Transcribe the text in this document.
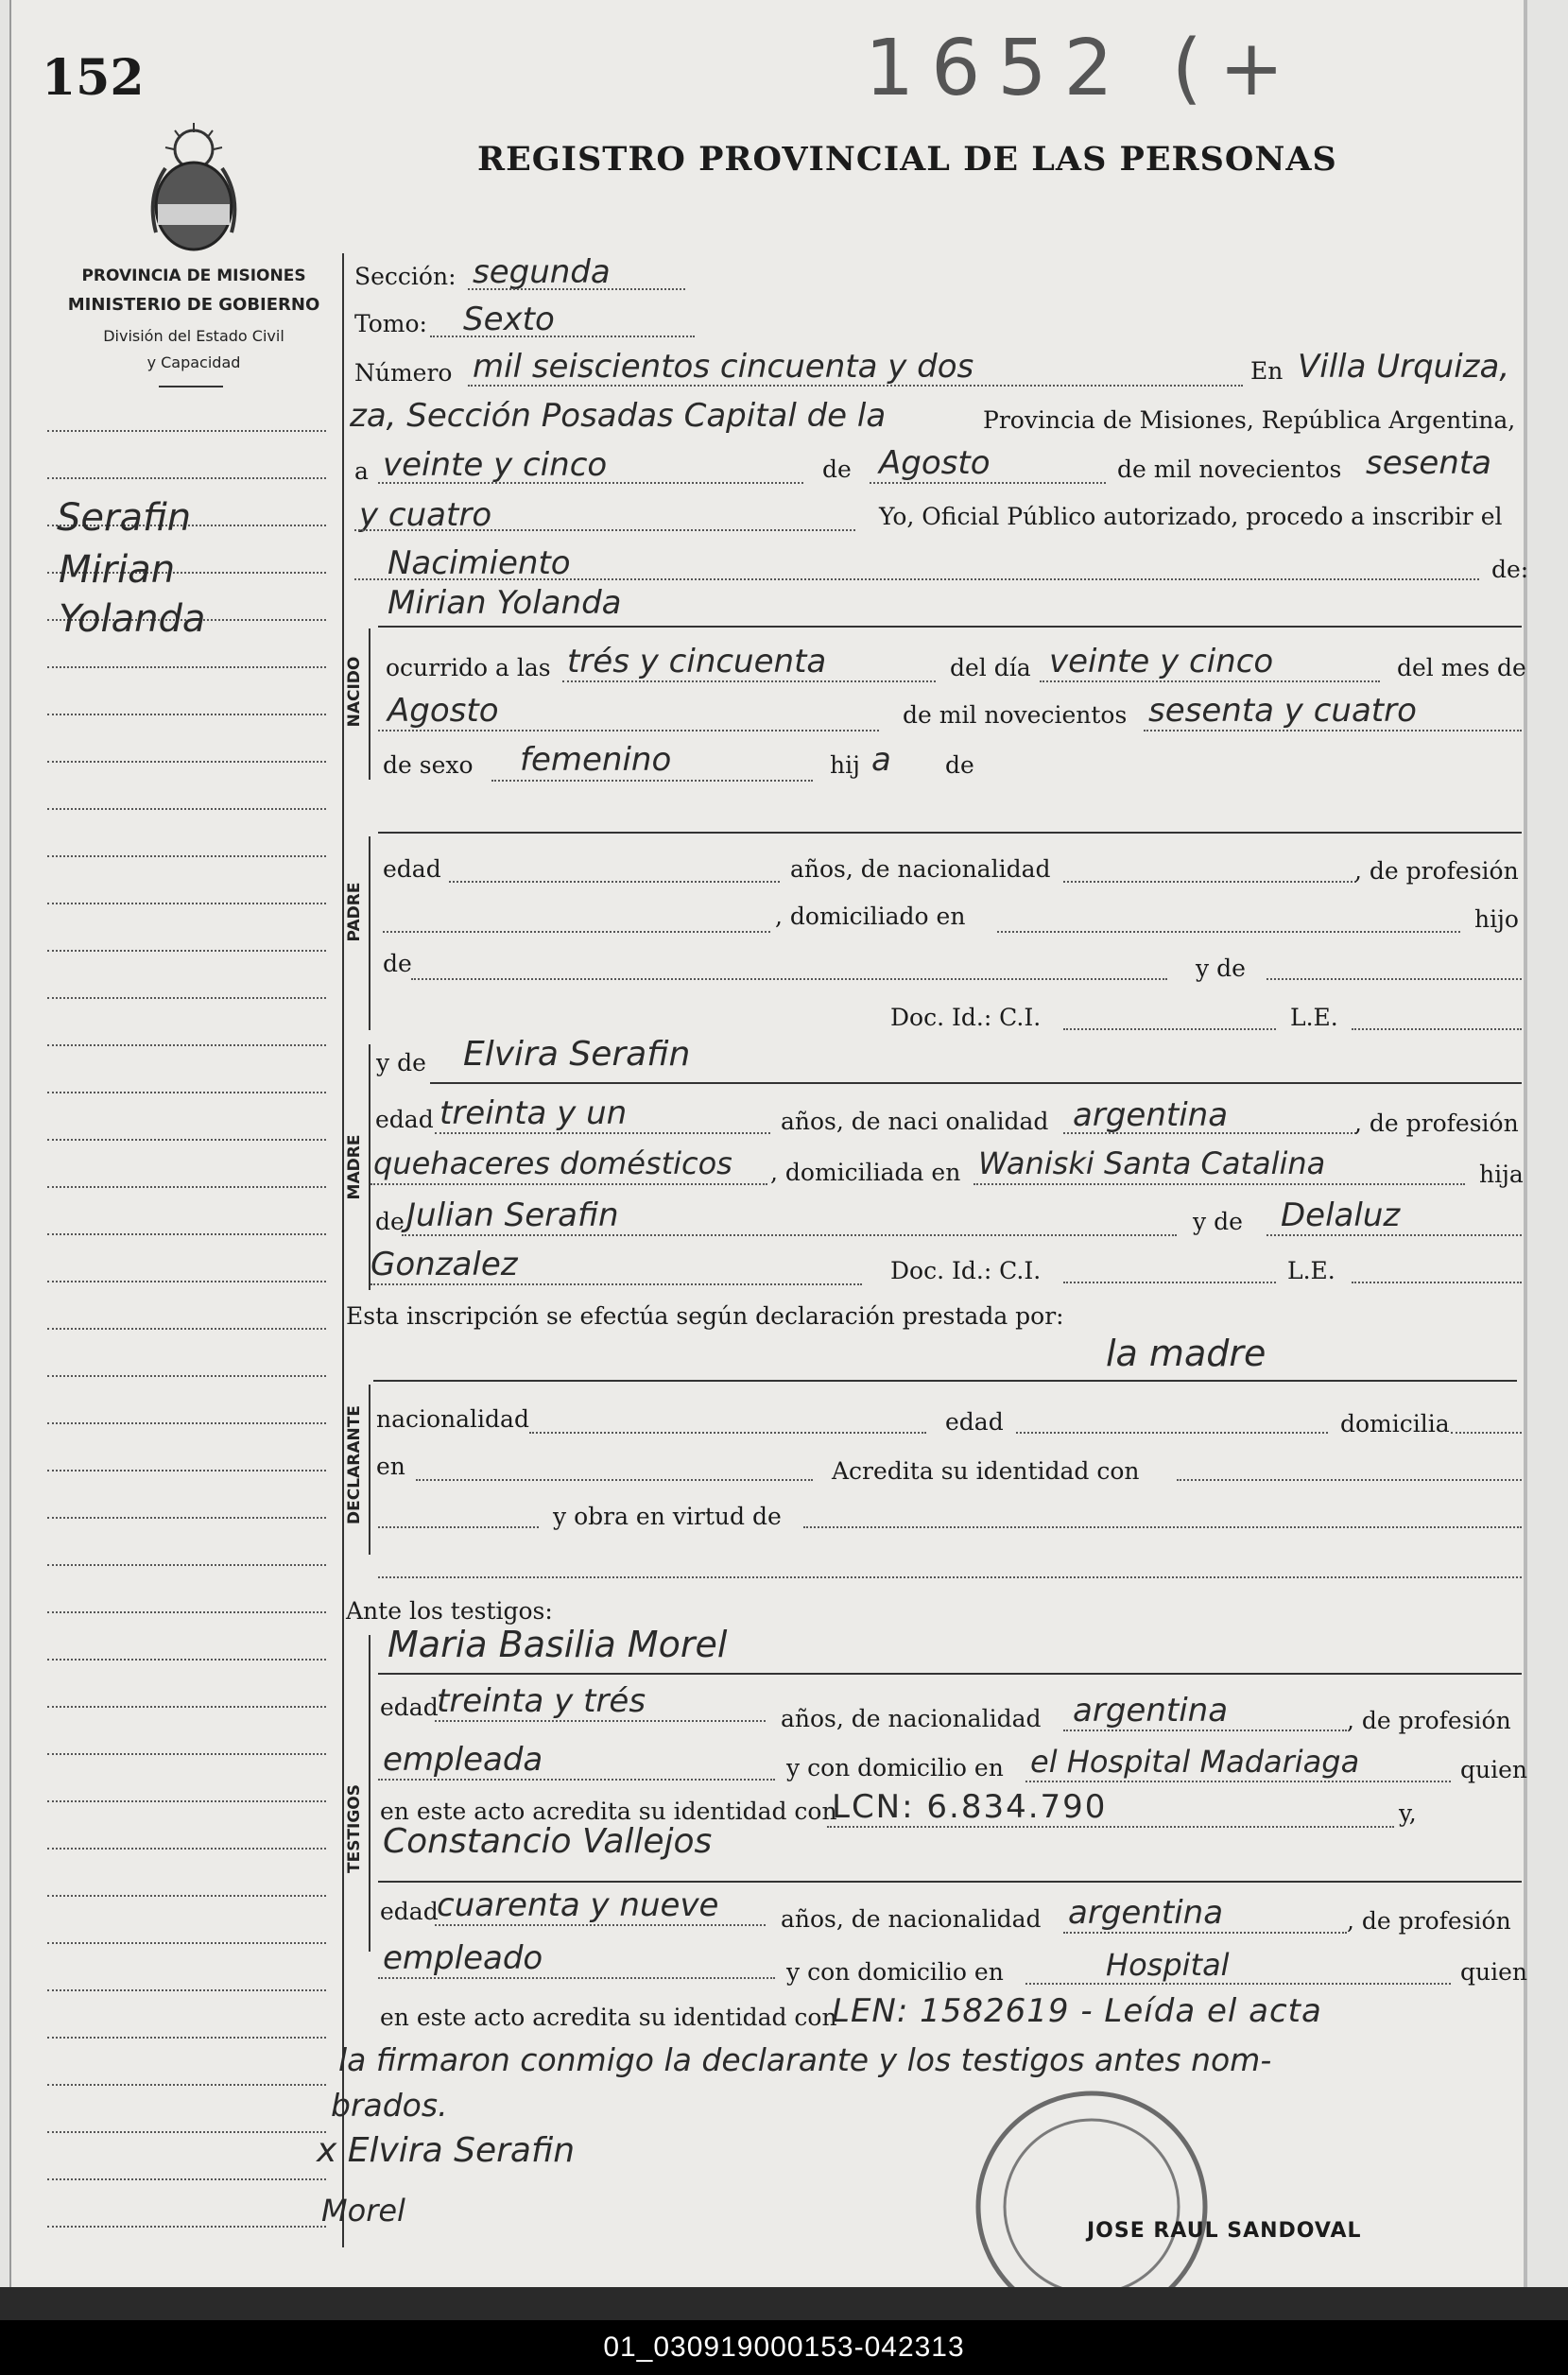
152	1652 (+
REGISTRO PROVINCIAL DE LAS PERSONAS
PROVINCIA DE MISIONES
MINISTERIO DE GOBIERNO
División del Estado Civil
y Capacidad
Serafin
Mirian
Yolanda
Sección: segunda
Tomo: Sexto
Número mil seiscientos cincuenta y dos	En Villa Urquiza,
za, Sección Posadas Capital de la	Provincia de Misiones, República Argentina,
a veinte y cinco	de Agosto	de mil novecientos sesenta
y cuatro	Yo, Oficial Público autorizado, procedo a inscribir el
Nacimiento	de:
NACIDO
Mirian Yolanda
ocurrido a las trés y cincuenta	del día veinte y cinco	del mes de
Agosto	de mil novecientos sesenta y cuatro
de sexo femenino	hij a de
PADRE
edad	años, de nacionalidad	, de profesión
, domiciliado en	hijo
de	y de
Doc. Id.: C.I.	L.E.
MADRE
y de Elvira Serafin
edad treinta y un	años, de naci onalidad argentina	, de profesión
quehaceres domésticos , domiciliada en Waniski Santa Catalina	hija
de Julian Serafin	y de Delaluz
Gonzalez	Doc. Id.: C.I.	L.E.
Esta inscripción se efectúa según declaración prestada por:
la madre
DECLARANTE nacionalidad	edad	domicilia
en	Acredita su identidad con
y obra en virtud de
Ante los testigos:
TESTIGOS
Maria Basilia Morel
edad
treinta y trés	años, de nacionalidad argentina	, de profesión
empleada	y con domicilio en el Hospital Madariaga	quien
en este acto acredita su identidad con
LCN: 6.834.790	y,
Constancio Vallejos
edad
cuarenta y nueve	años, de nacionalidad argentina	, de profesión
empleado	y con domicilio en	Hospital	quien
en este acto acredita su identidad con
LEN: 1582619 - Leída el acta
la firmaron conmigo la declarante y los testigos antes nom-
brados.
x Elvira Serafin
Morel
JOSE RAUL SANDOVAL
01_030919000153-042313
